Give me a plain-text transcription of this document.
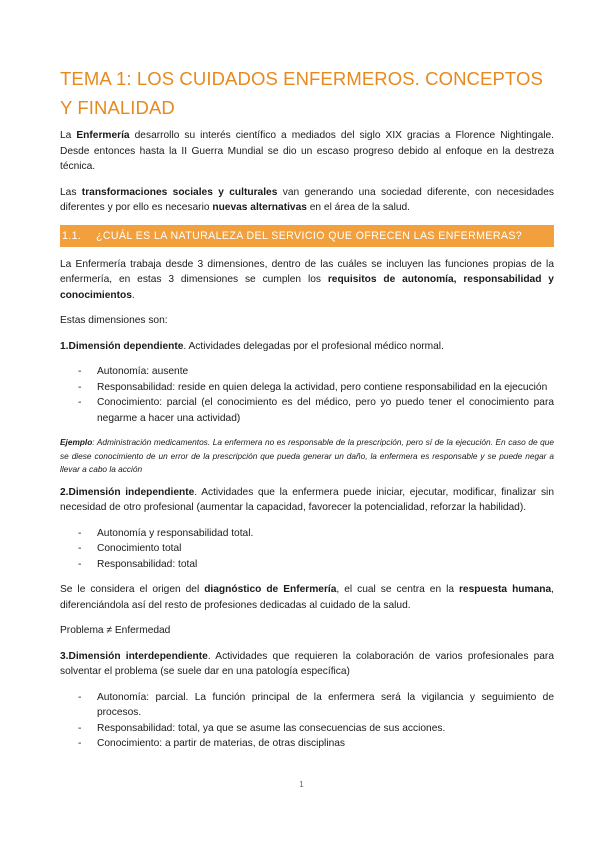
TEMA 1: LOS CUIDADOS ENFERMEROS. CONCEPTOS Y FINALIDAD

La Enfermería desarrollo su interés científico a mediados del siglo XIX gracias a Florence Nightingale. Desde entonces hasta la II Guerra Mundial se dio un escaso progreso debido al enfoque en la destreza técnica.

Las transformaciones sociales y culturales van generando una sociedad diferente, con necesidades diferentes y por ello es necesario nuevas alternativas en el área de la salud.

1.1. ¿CUÁL ES LA NATURALEZA DEL SERVICIO QUE OFRECEN LAS ENFERMERAS?

La Enfermería trabaja desde 3 dimensiones, dentro de las cuáles se incluyen las funciones propias de la enfermería, en estas 3 dimensiones se cumplen los requisitos de autonomía, responsabilidad y conocimientos.

Estas dimensiones son:

1.Dimensión dependiente. Actividades delegadas por el profesional médico normal.

- Autonomía: ausente
- Responsabilidad: reside en quien delega la actividad, pero contiene responsabilidad en la ejecución
- Conocimiento: parcial (el conocimiento es del médico, pero yo puedo tener el conocimiento para negarme a hacer una actividad)

Ejemplo: Administración medicamentos. La enfermera no es responsable de la prescripción, pero sí de la ejecución. En caso de que se diese conocimiento de un error de la prescripción que pueda generar un daño, la enfermera es responsable y se puede negar a llevar a cabo la acción

2.Dimensión independiente. Actividades que la enfermera puede iniciar, ejecutar, modificar, finalizar sin necesidad de otro profesional (aumentar la capacidad, favorecer la potencialidad, reforzar la habilidad).

- Autonomía y responsabilidad total.
- Conocimiento total
- Responsabilidad: total

Se le considera el origen del diagnóstico de Enfermería, el cual se centra en la respuesta humana, diferenciándola así del resto de profesiones dedicadas al cuidado de la salud.

Problema ≠ Enfermedad

3.Dimensión interdependiente. Actividades que requieren la colaboración de varios profesionales para solventar el problema (se suele dar en una patología específica)

- Autonomía: parcial. La función principal de la enfermera será la vigilancia y seguimiento de procesos.
- Responsabilidad: total, ya que se asume las consecuencias de sus acciones.
- Conocimiento: a partir de materias, de otras disciplinas
1
